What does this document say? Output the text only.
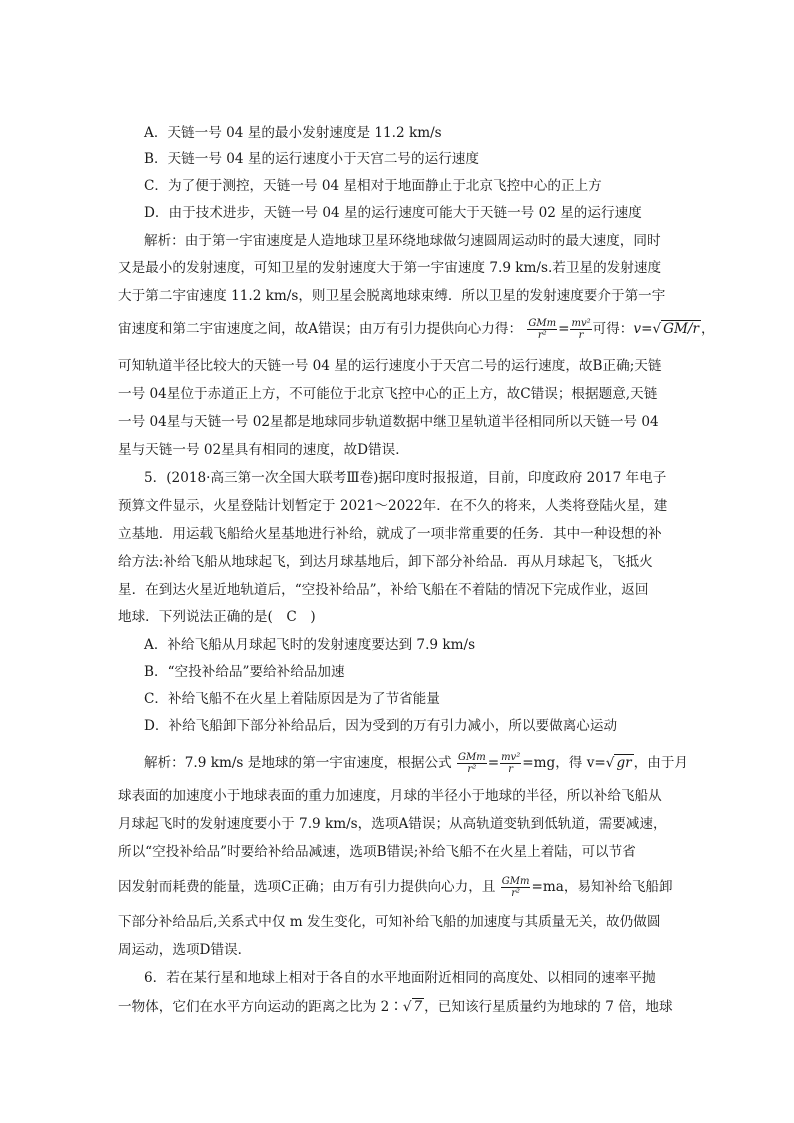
A．天链一号 04 星的最小发射速度是 11.2 km/s
B．天链一号 04 星的运行速度小于天宫二号的运行速度
C．为了便于测控，天链一号 04 星相对于地面静止于北京飞控中心的正上方
D．由于技术进步，天链一号 04 星的运行速度可能大于天链一号 02 星的运行速度
解析：由于第一宇宙速度是人造地球卫星环绕地球做匀速圆周运动时的最大速度，同时
又是最小的发射速度，可知卫星的发射速度大于第一宇宙速度 7.9 km/s.若卫星的发射速度
大于第二宇宙速度 11.2 km/s，则卫星会脱离地球束缚．所以卫星的发射速度要介于第一宇
宙速度和第二宇宙速度之间，故A错误；由万有引力提供向心力得： $\frac{\text{GMm}}{\text{r²}} = \frac{\text{mv²}}{r}$ 可得：v=√ GM/r ，
可知轨道半径比较大的天链一号 04 星的运行速度小于天宫二号的运行速度，故B正确;天链
一号 04星位于赤道正上方，不可能位于北京飞控中心的正上方，故C错误；根据题意,天链
一号 04星与天链一号 02星都是地球同步轨道数据中继卫星轨道半径相同所以天链一号 04
星与天链一号 02星具有相同的速度，故D错误．
5．(2018·高三第一次全国大联考Ⅲ卷)据印度时报报道，目前，印度政府 2017 年电子
预算文件显示，火星登陆计划暂定于 2021～2022年．在不久的将来，人类将登陆火星，建
立基地．用运载飞船给火星基地进行补给，就成了一项非常重要的任务．其中一种设想的补
给方法:补给飞船从地球起飞，到达月球基地后，卸下部分补给品．再从月球起飞，飞抵火
星．在到达火星近地轨道后，“空投补给品”，补给飞船在不着陆的情况下完成作业，返回
地球．下列说法正确的是(　C　)
A．补给飞船从月球起飞时的发射速度要达到 7.9 km/s
B．“空投补给品”要给补给品加速
C．补给飞船不在火星上着陆原因是为了节省能量
D．补给飞船卸下部分补给品后，因为受到的万有引力减小，所以要做离心运动
解析：7.9 km/s 是地球的第一宇宙速度，根据公式 $\frac{\text{GMm}}{\text{r²}} = \frac{\text{mv²}}{r} =mg$，得 v=√ gr ，由于月
球表面的加速度小于地球表面的重力加速度，月球的半径小于地球的半径，所以补给飞船从
月球起飞时的发射速度要小于 7.9 km/s，选项A错误；从高轨道变轨到低轨道，需要减速，
所以“空投补给品”时要给补给品减速，选项B错误;补给飞船不在火星上着陆，可以节省
因发射而耗费的能量，选项C正确；由万有引力提供向心力，且 $\frac{\text{GMm}}{\text{r²}} =ma$，易知补给飞船卸
下部分补给品后,关系式中仅 m 发生变化，可知补给飞船的加速度与其质量无关，故仍做圆
周运动，选项D错误．
6．若在某行星和地球上相对于各自的水平地面附近相同的高度处、以相同的速率平抛
一物体，它们在水平方向运动的距离之比为 2∶√ 7 ，已知该行星质量约为地球的 7 倍，地球
